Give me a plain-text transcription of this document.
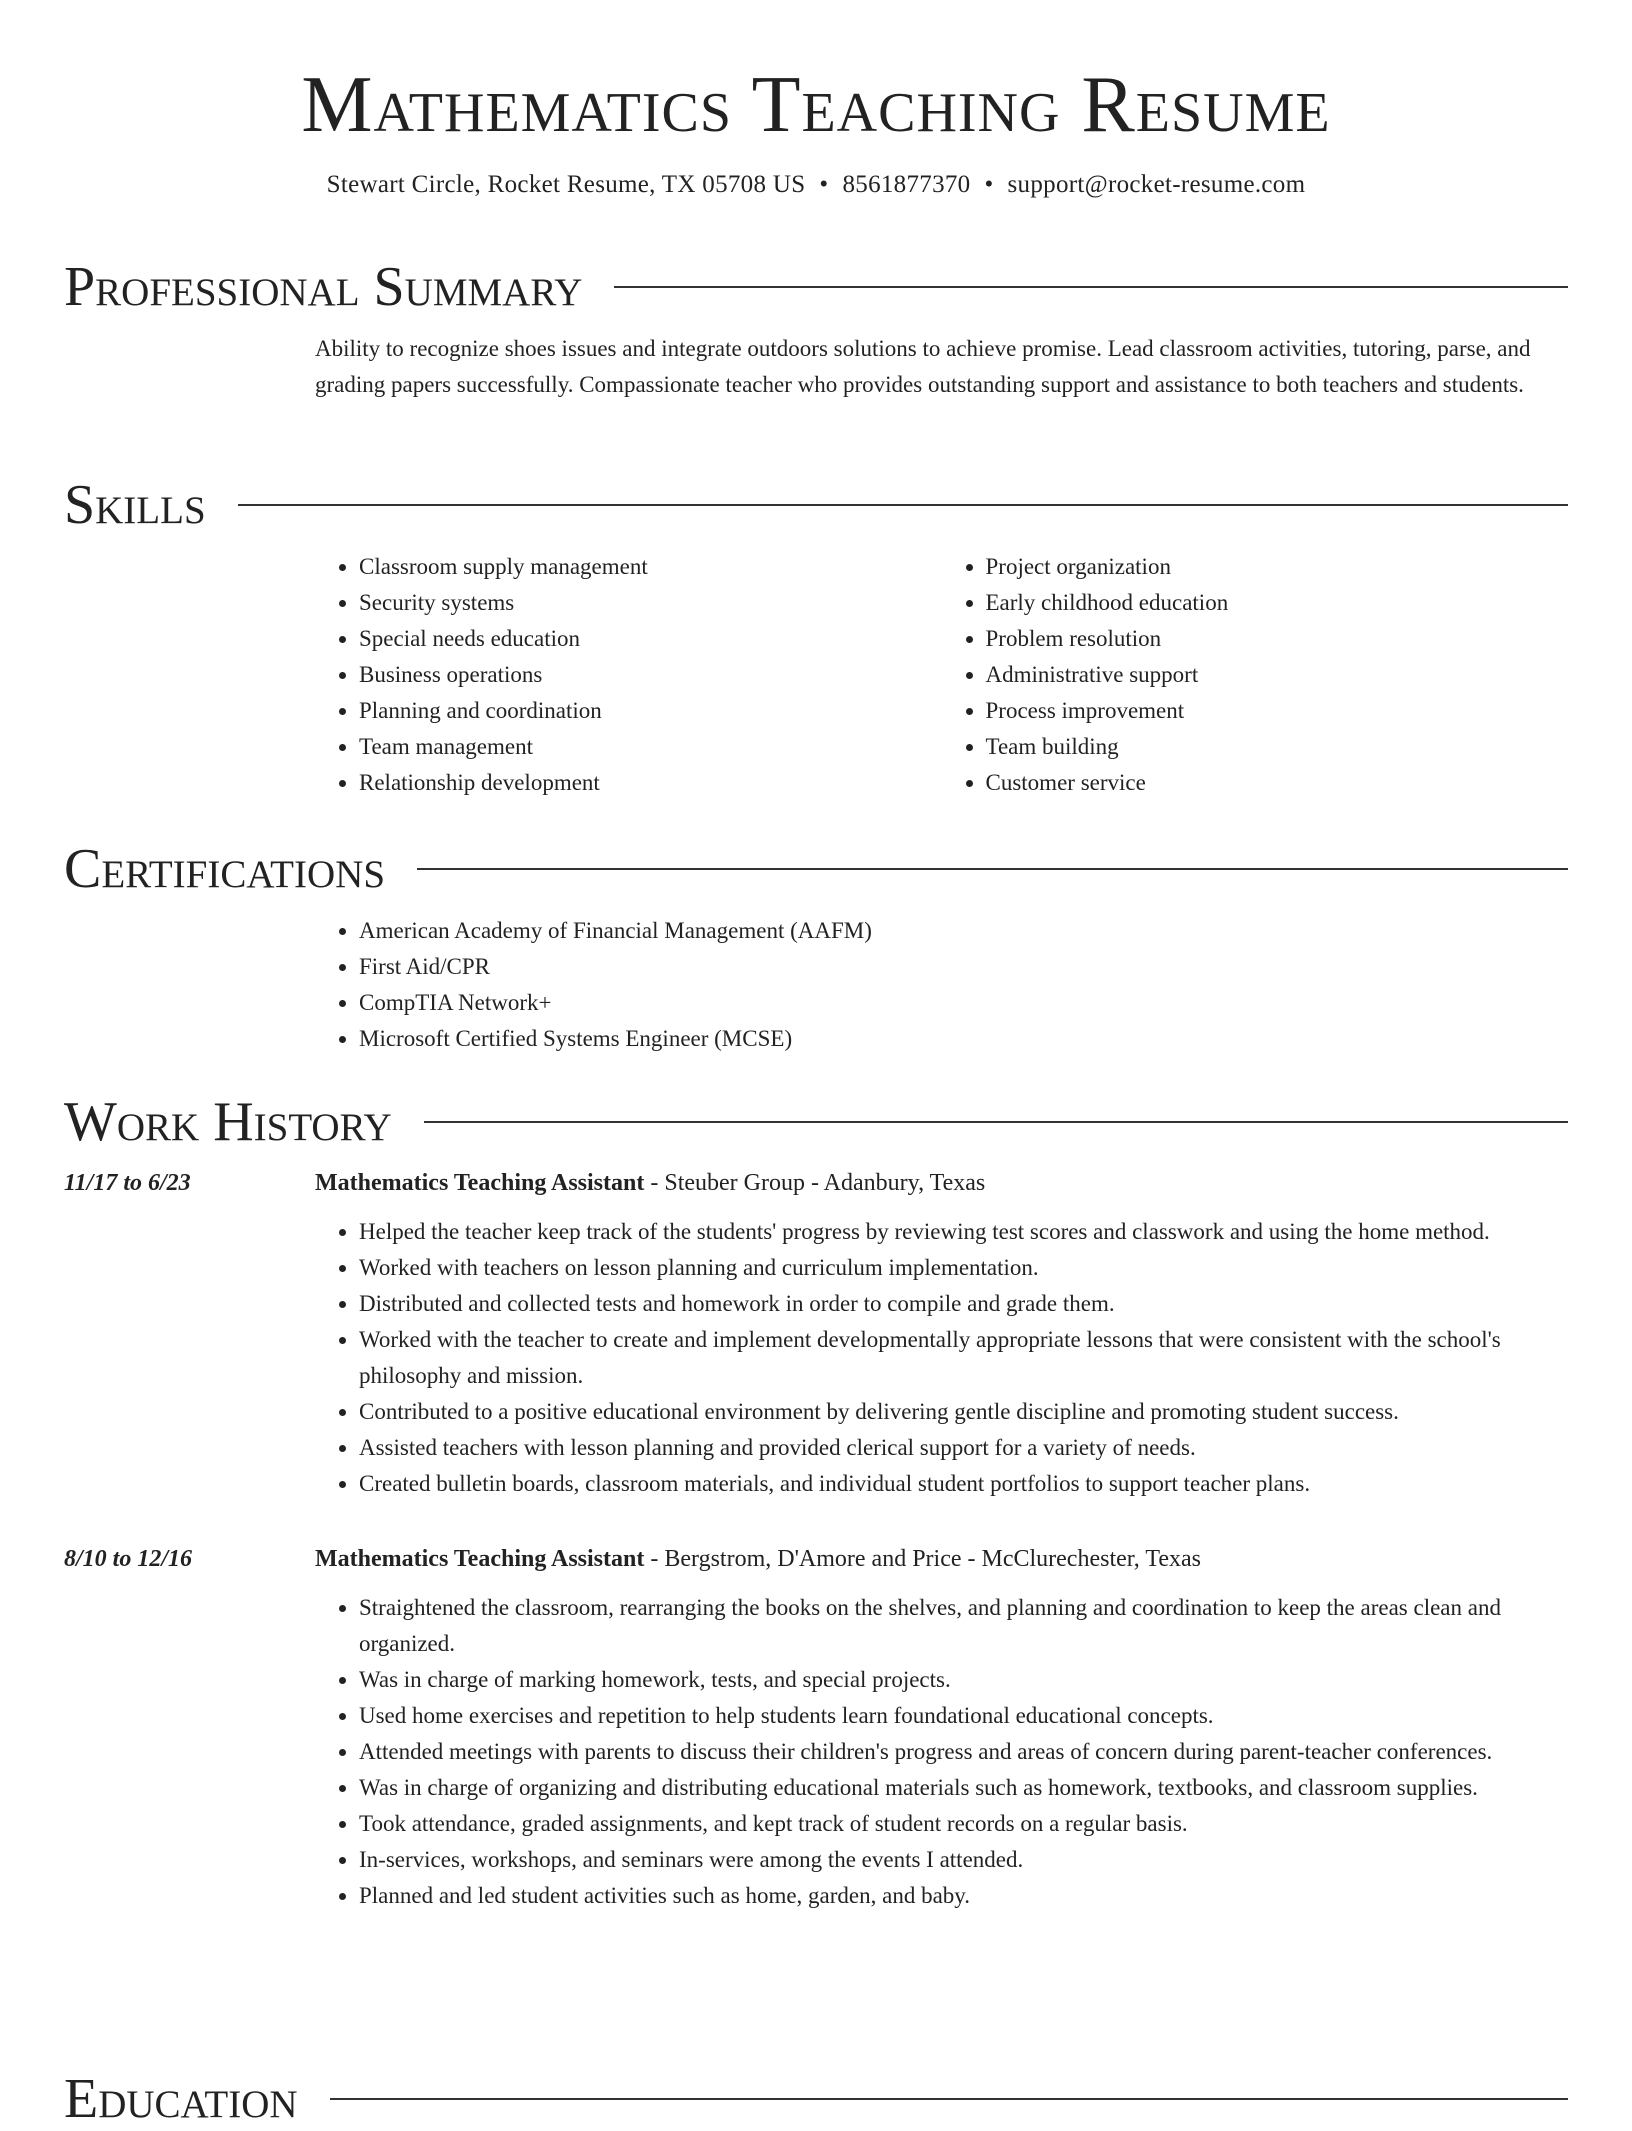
Mathematics Teaching Resume
Stewart Circle, Rocket Resume, TX 05708 US • 8561877370 • support@rocket-resume.com
Professional Summary

Ability to recognize shoes issues and integrate outdoors solutions to achieve promise. Lead classroom activities, tutoring, parse, and grading papers successfully. Compassionate teacher who provides outstanding support and assistance to both teachers and students.

Skills
• Classroom supply management
• Security systems
• Special needs education
• Business operations
• Planning and coordination
• Team management
• Relationship development
• Project organization
• Early childhood education
• Problem resolution
• Administrative support
• Process improvement
• Team building
• Customer service
Certifications
• American Academy of Financial Management (AAFM)
• First Aid/CPR
• CompTIA Network+
• Microsoft Certified Systems Engineer (MCSE)
Work History
11/17 to 6/23	Mathematics Teaching Assistant - Steuber Group - Adanbury, Texas
• Helped the teacher keep track of the students' progress by reviewing test scores and classwork and using the home method.
• Worked with teachers on lesson planning and curriculum implementation.
• Distributed and collected tests and homework in order to compile and grade them.
• Worked with the teacher to create and implement developmentally appropriate lessons that were consistent with the school's philosophy and mission.
• Contributed to a positive educational environment by delivering gentle discipline and promoting student success.
• Assisted teachers with lesson planning and provided clerical support for a variety of needs.
• Created bulletin boards, classroom materials, and individual student portfolios to support teacher plans.
8/10 to 12/16	Mathematics Teaching Assistant - Bergstrom, D'Amore and Price - McClurechester, Texas
• Straightened the classroom, rearranging the books on the shelves, and planning and coordination to keep the areas clean and organized.
• Was in charge of marking homework, tests, and special projects.
• Used home exercises and repetition to help students learn foundational educational concepts.
• Attended meetings with parents to discuss their children's progress and areas of concern during parent-teacher conferences.
• Was in charge of organizing and distributing educational materials such as homework, textbooks, and classroom supplies.
• Took attendance, graded assignments, and kept track of student records on a regular basis.
• In-services, workshops, and seminars were among the events I attended.
• Planned and led student activities such as home, garden, and baby.
Education
